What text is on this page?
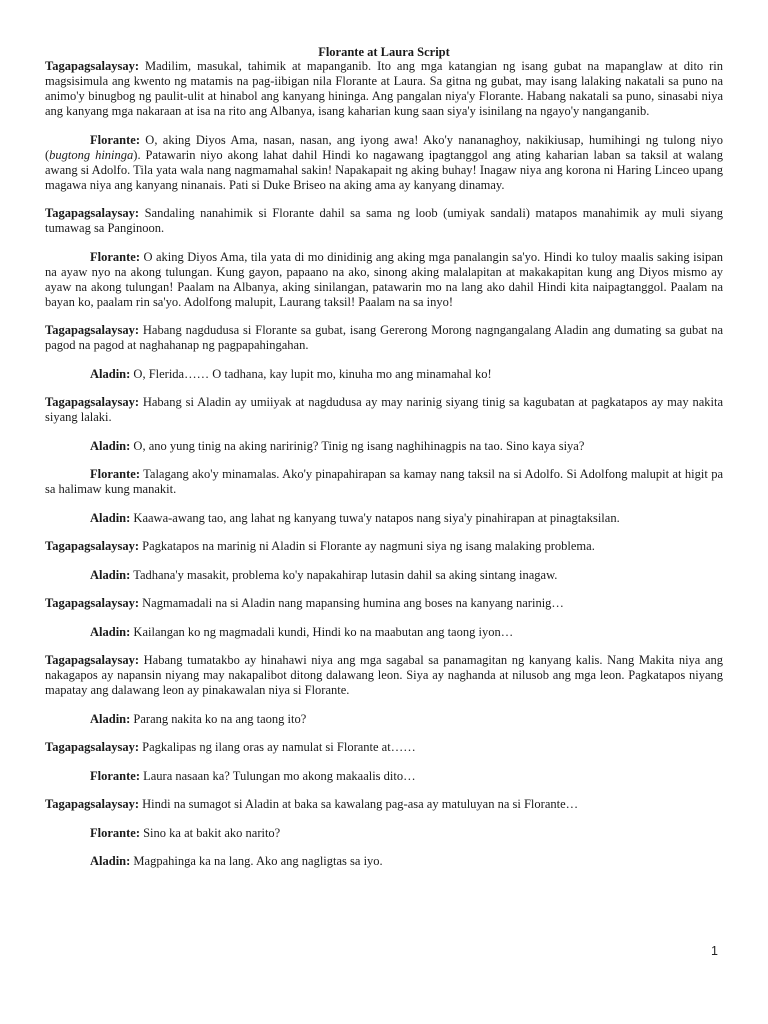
Florante at Laura Script

Tagapagsalaysay: Madilim, masukal, tahimik at mapanganib. Ito ang mga katangian ng isang gubat na mapanglaw at dito rin magsisimula ang kwento ng matamis na pag-iibigan nila Florante at Laura. Sa gitna ng gubat, may isang lalaking nakatali sa puno na animo'y binugbog ng paulit-ulit at hinabol ang kanyang hininga. Ang pangalan niya'y Florante. Habang nakatali sa puno, sinasabi niya ang kanyang mga nakaraan at isa na rito ang Albanya, isang kaharian kung saan siya'y isinilang na ngayo'y nanganganib.

Florante: O, aking Diyos Ama, nasan, nasan, ang iyong awa! Ako'y nananaghoy, nakikiusap, humihingi ng tulong niyo (bugtong hininga). Patawarin niyo akong lahat dahil Hindi ko nagawang ipagtanggol ang ating kaharian laban sa taksil at walang awang si Adolfo. Tila yata wala nang nagmamahal sakin! Napakapait ng aking buhay! Inagaw niya ang korona ni Haring Linceo upang magawa niya ang kanyang ninanais. Pati si Duke Briseo na aking ama ay kanyang dinamay.

Tagapagsalaysay: Sandaling nanahimik si Florante dahil sa sama ng loob (umiyak sandali) matapos manahimik ay muli siyang tumawag sa Panginoon.

Florante: O aking Diyos Ama, tila yata di mo dinidinig ang aking mga panalangin sa'yo. Hindi ko tuloy maalis saking isipan na ayaw nyo na akong tulungan. Kung gayon, papaano na ako, sinong aking malalapitan at makakapitan kung ang Diyos mismo ay ayaw na akong tulungan! Paalam na Albanya, aking sinilangan, patawarin mo na lang ako dahil Hindi kita naipagtanggol. Paalam na bayan ko, paalam rin sa'yo. Adolfong malupit, Laurang taksil! Paalam na sa inyo!

Tagapagsalaysay: Habang nagdudusa si Florante sa gubat, isang Gererong Morong nagngangalang Aladin ang dumating sa gubat na pagod na pagod at naghahanap ng pagpapahingahan.

Aladin: O, Flerida…… O tadhana, kay lupit mo, kinuha mo ang minamahal ko!

Tagapagsalaysay: Habang si Aladin ay umiiyak at nagdudusa ay may narinig siyang tinig sa kagubatan at pagkatapos ay may nakita siyang lalaki.

Aladin: O, ano yung tinig na aking naririnig? Tinig ng isang naghihinagpis na tao. Sino kaya siya?

Florante: Talagang ako'y minamalas. Ako'y pinapahirapan sa kamay nang taksil na si Adolfo. Si Adolfong malupit at higit pa sa halimaw kung manakit.

Aladin: Kaawa-awang tao, ang lahat ng kanyang tuwa'y natapos nang siya'y pinahirapan at pinagtaksilan.

Tagapagsalaysay: Pagkatapos na marinig ni Aladin si Florante ay nagmuni siya ng isang malaking problema.

Aladin: Tadhana'y masakit, problema ko'y napakahirap lutasin dahil sa aking sintang inagaw.

Tagapagsalaysay: Nagmamadali na si Aladin nang mapansing humina ang boses na kanyang narinig…

Aladin: Kailangan ko ng magmadali kundi, Hindi ko na maabutan ang taong iyon…

Tagapagsalaysay: Habang tumatakbo ay hinahawi niya ang mga sagabal sa panamagitan ng kanyang kalis. Nang Makita niya ang nakagapos ay napansin niyang may nakapalibot ditong dalawang leon. Siya ay naghanda at nilusob ang mga leon. Pagkatapos niyang mapatay ang dalawang leon ay pinakawalan niya si Florante.

Aladin: Parang nakita ko na ang taong ito?

Tagapagsalaysay: Pagkalipas ng ilang oras ay namulat si Florante at……

Florante: Laura nasaan ka? Tulungan mo akong makaalis dito…

Tagapagsalaysay: Hindi na sumagot si Aladin at baka sa kawalang pag-asa ay matuluyan na si Florante…

Florante: Sino ka at bakit ako narito?

Aladin: Magpahinga ka na lang. Ako ang nagligtas sa iyo.

1
